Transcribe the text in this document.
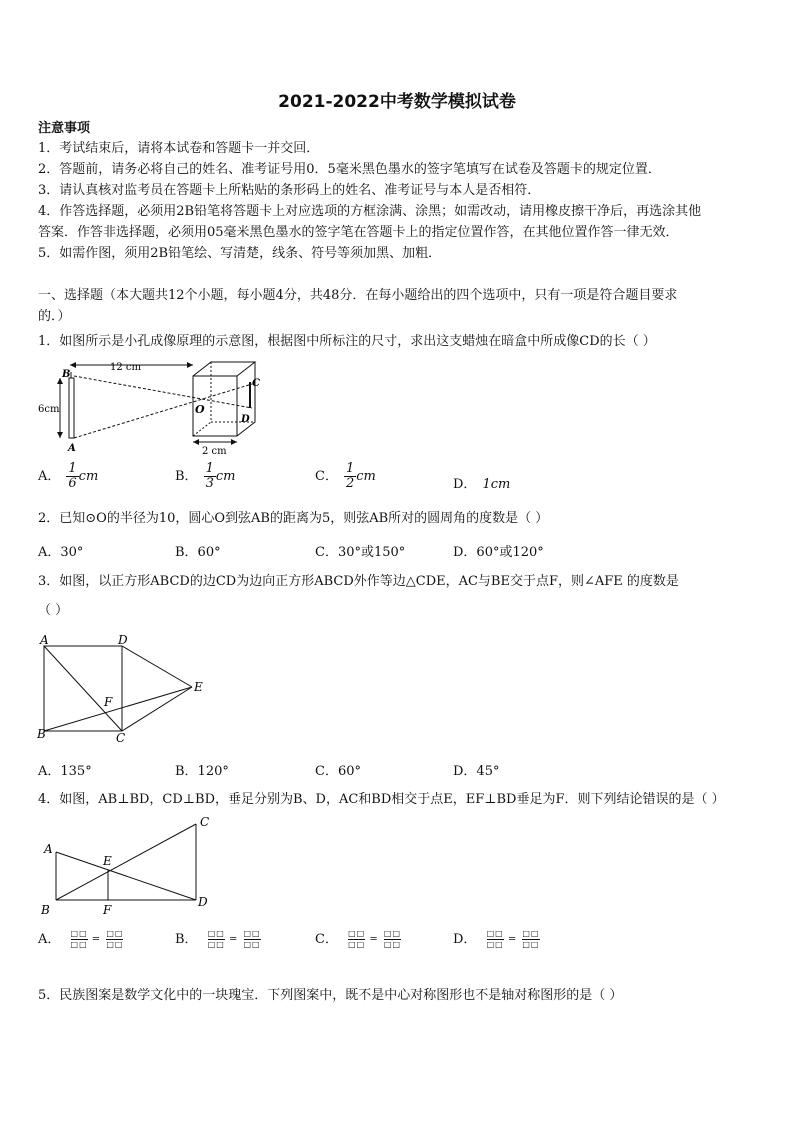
2021-2022中考数学模拟试卷
注意事项
1．考试结束后，请将本试卷和答题卡一并交回．
2．答题前，请务必将自己的姓名、准考证号用0．5毫米黑色墨水的签字笔填写在试卷及答题卡的规定位置．
3．请认真核对监考员在答题卡上所粘贴的条形码上的姓名、准考证号与本人是否相符．
4．作答选择题，必须用2B铅笔将答题卡上对应选项的方框涂满、涂黑；如需改动，请用橡皮擦干净后，再选涂其他
答案．作答非选择题，必须用05毫米黑色墨水的签字笔在答题卡上的指定位置作答，在其他位置作答一律无效．
5．如需作图，须用2B铅笔绘、写清楚，线条、符号等须加黑、加粗．
一、选择题（本大题共12个小题，每小题4分，共48分．在每小题给出的四个选项中，只有一项是符合题目要求
的．）
1．如图所示是小孔成像原理的示意图，根据图中所标注的尺寸，求出这支蜡烛在暗盒中所成像CD的长（ ）
12 cm
B
A
6cm	O
C
D
2 cm
A． $\frac{1}{6}$ cm	B． $\frac{1}{3}$ cm	C． $\frac{1}{2}$ cm
D． 1cm
2．已知⊙O的半径为10，圆心O到弦AB的距离为5，则弦AB所对的圆周角的度数是（ ）
A．30°	B．60°	C．30°或150°	D．60°或120°
3．如图，以正方形ABCD的边CD为边向正方形ABCD外作等边△CDE，AC与BE交于点F，则∠AFE 的度数是
（ ）
A	D
E
F
B	C
A．135°	B．120°	C．60°	D．45°
4．如图，AB⊥BD，CD⊥BD，垂足分别为B、D，AC和BD相交于点E，EF⊥BD垂足为F．则下列结论错误的是（ ）
A
C
E
B	F
D
A． □□
□□ =
□□
□□	B． □□
□□ =
□□
□□	C． □□
□□ =
□□
□□	D． □□
□□ =
□□
□□
5．民族图案是数学文化中的一块瑰宝．下列图案中，既不是中心对称图形也不是轴对称图形的是（ ）
